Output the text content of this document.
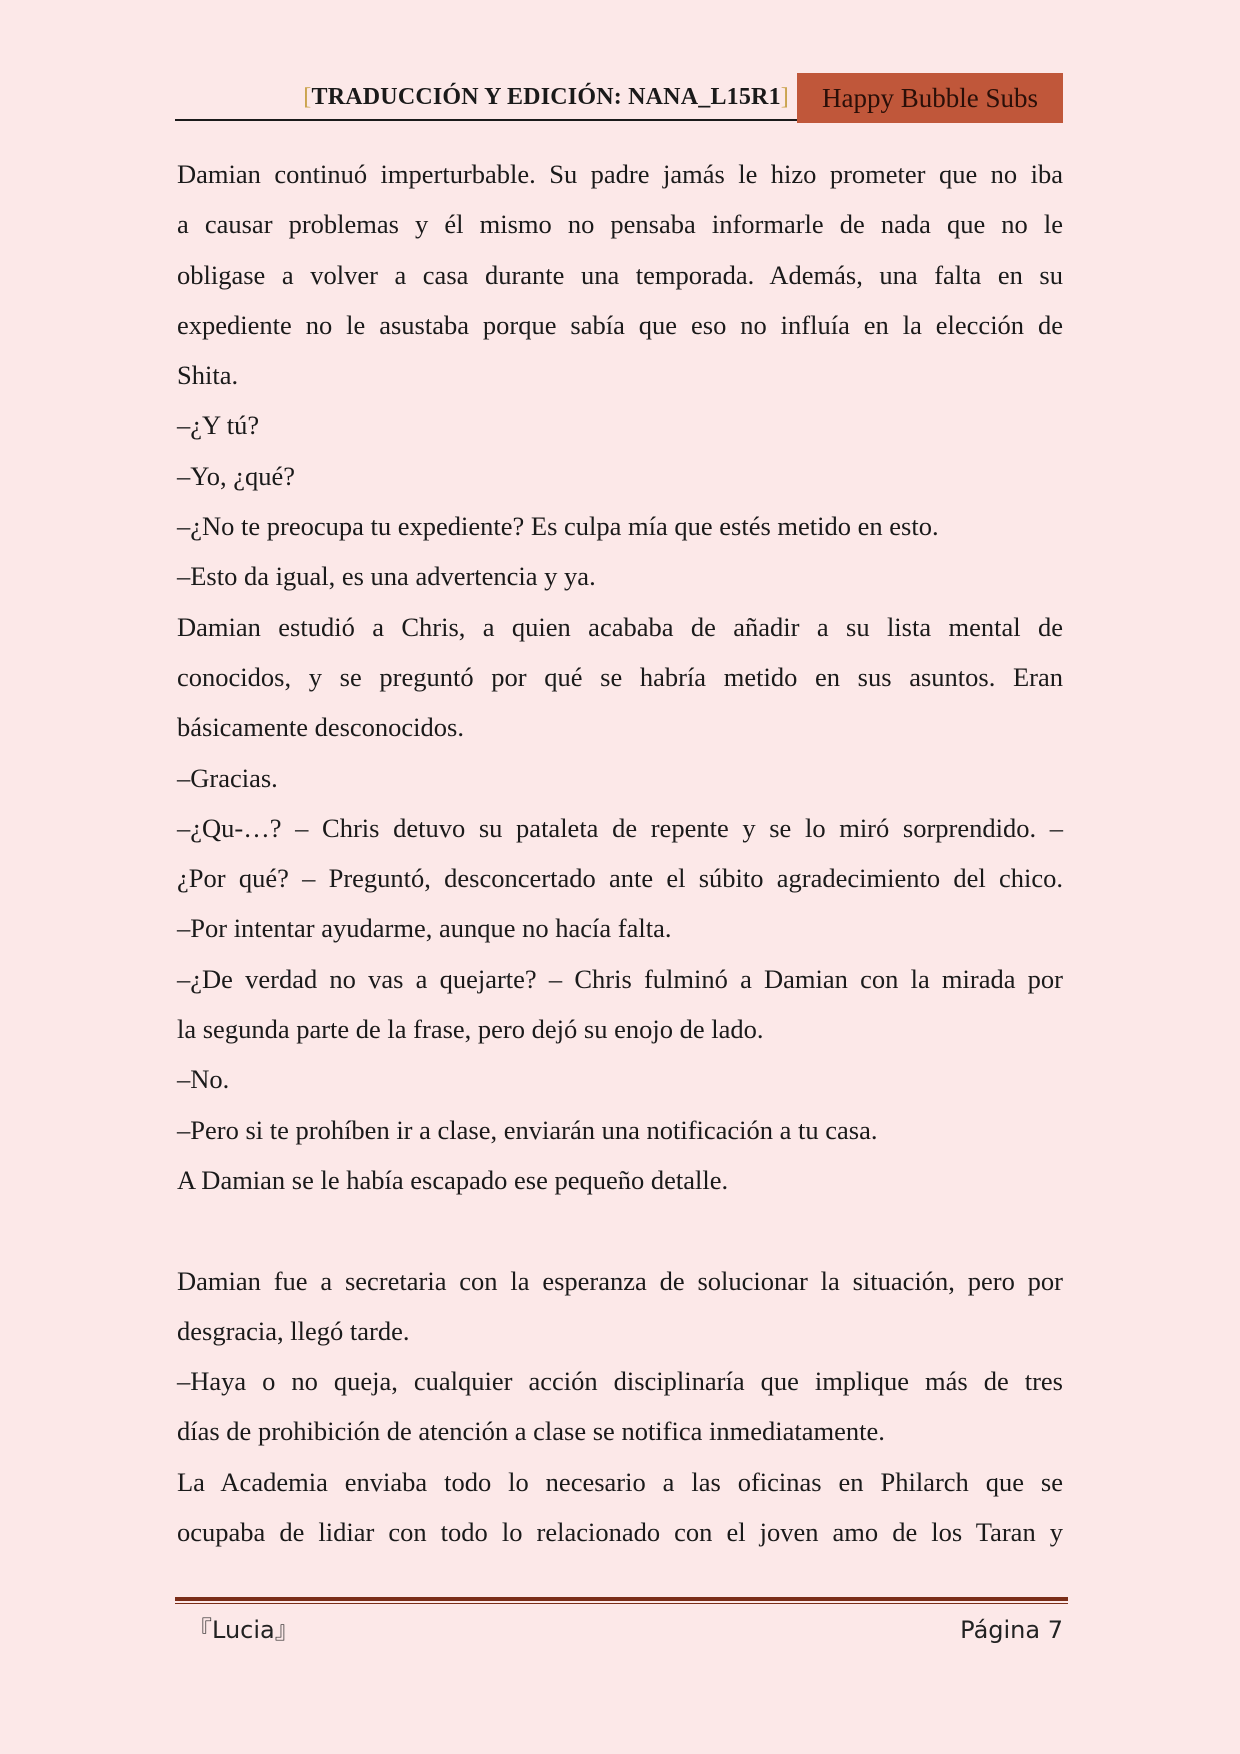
[TRADUCCIÓN Y EDICIÓN: NANA_L15R1]	Happy Bubble Subs
Damian continuó imperturbable. Su padre jamás le hizo prometer que no iba
a causar problemas y él mismo no pensaba informarle de nada que no le
obligase a volver a casa durante una temporada. Además, una falta en su
expediente no le asustaba porque sabía que eso no influía en la elección de
Shita.
–¿Y tú?
–Yo, ¿qué?
–¿No te preocupa tu expediente? Es culpa mía que estés metido en esto.
–Esto da igual, es una advertencia y ya.
Damian estudió a Chris, a quien acababa de añadir a su lista mental de
conocidos, y se preguntó por qué se habría metido en sus asuntos. Eran
básicamente desconocidos.
–Gracias.
–¿Qu-…? – Chris detuvo su pataleta de repente y se lo miró sorprendido. –
¿Por qué? – Preguntó, desconcertado ante el súbito agradecimiento del chico.
–Por intentar ayudarme, aunque no hacía falta.
–¿De verdad no vas a quejarte? – Chris fulminó a Damian con la mirada por
la segunda parte de la frase, pero dejó su enojo de lado.
–No.
–Pero si te prohíben ir a clase, enviarán una notificación a tu casa.
A Damian se le había escapado ese pequeño detalle.
Damian fue a secretaria con la esperanza de solucionar la situación, pero por
desgracia, llegó tarde.
–Haya o no queja, cualquier acción disciplinaría que implique más de tres
días de prohibición de atención a clase se notifica inmediatamente.
La Academia enviaba todo lo necesario a las oficinas en Philarch que se
ocupaba de lidiar con todo lo relacionado con el joven amo de los Taran y
『Lucia』	Página 7
